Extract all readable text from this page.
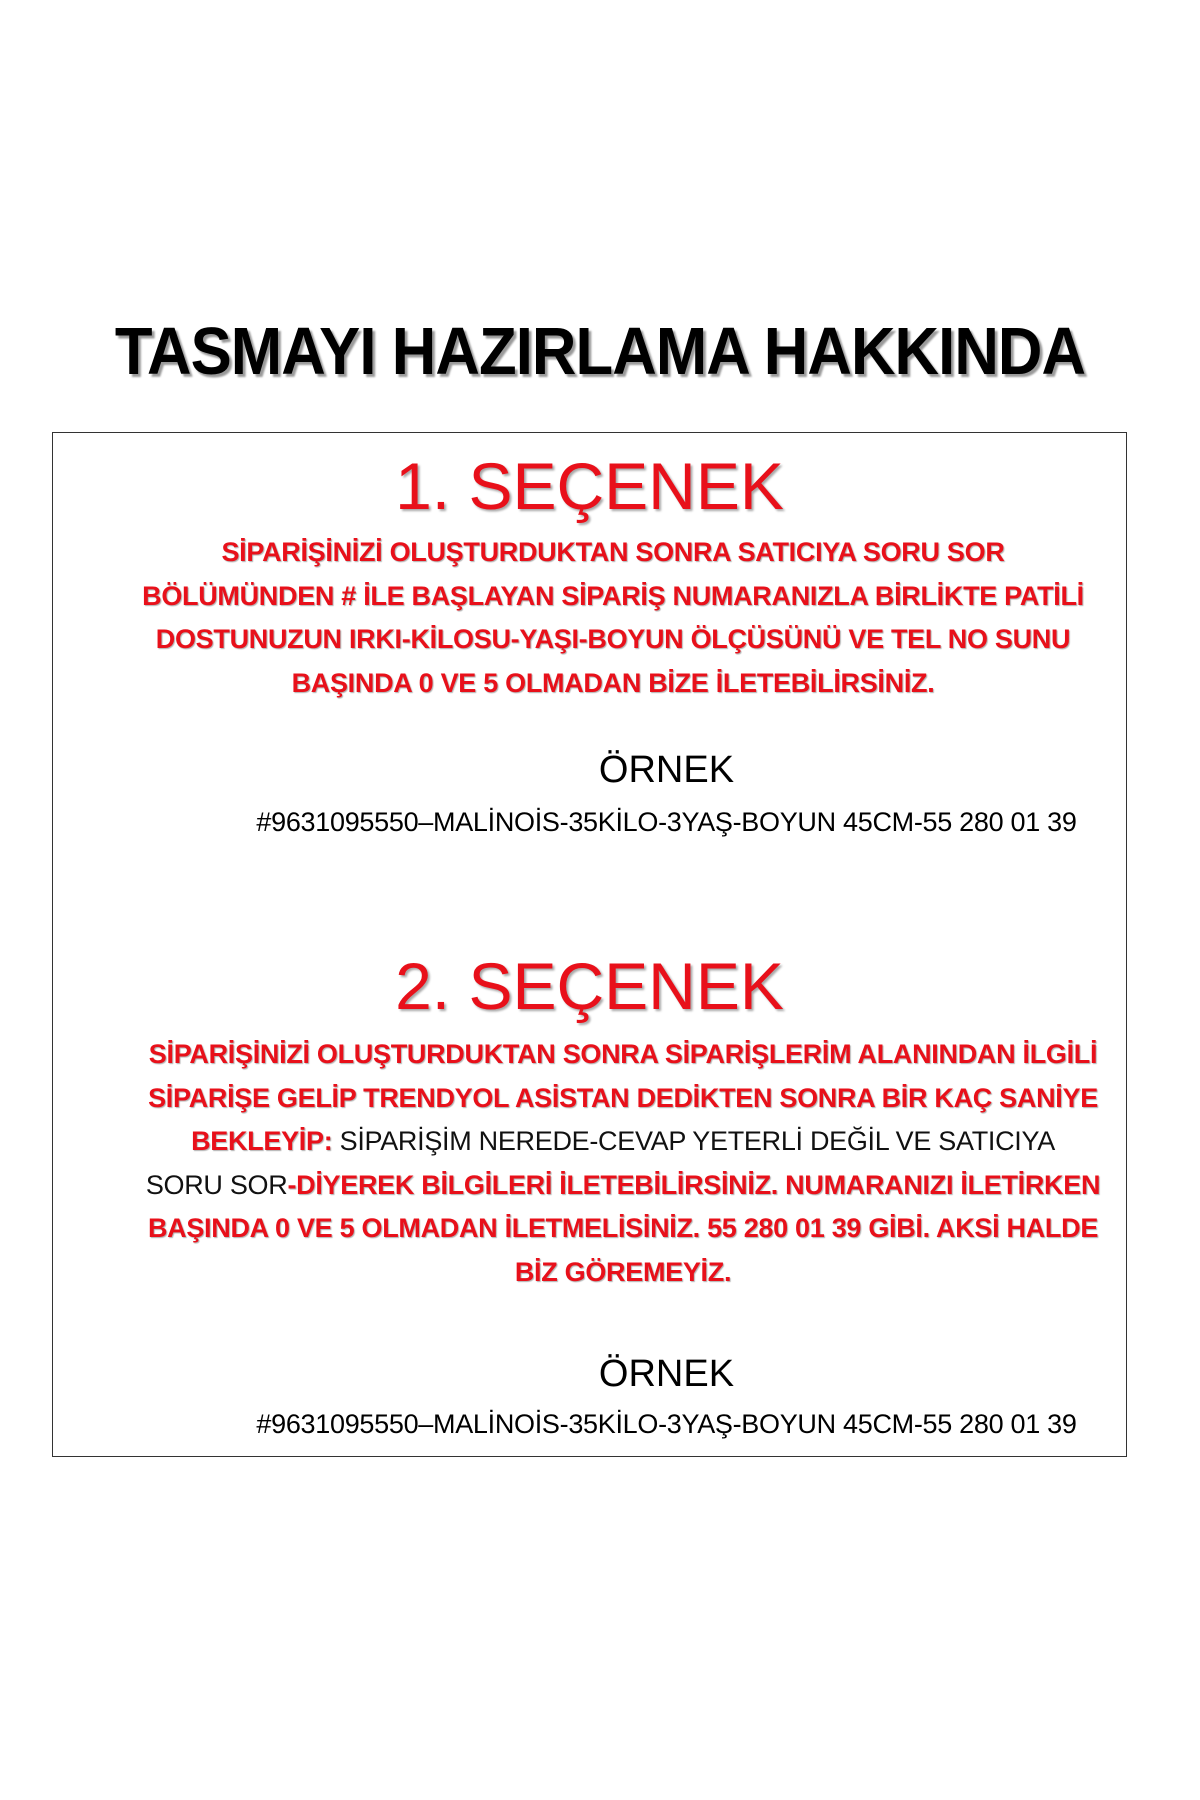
TASMAYI HAZIRLAMA HAKKINDA
1. SEÇENEK
SİPARİŞİNİZİ OLUŞTURDUKTAN SONRA SATICIYA SORU SOR
BÖLÜMÜNDEN # İLE BAŞLAYAN SİPARİŞ NUMARANIZLA BİRLİKTE PATİLİ
DOSTUNUZUN IRKI-KİLOSU-YAŞI-BOYUN ÖLÇÜSÜNÜ VE TEL NO SUNU
BAŞINDA 0 VE 5 OLMADAN BİZE İLETEBİLİRSİNİZ.
ÖRNEK
#9631095550–MALİNOİS-35KİLO-3YAŞ-BOYUN 45CM-55 280 01 39
2. SEÇENEK
SİPARİŞİNİZİ OLUŞTURDUKTAN SONRA SİPARİŞLERİM ALANINDAN İLGİLİ
SİPARİŞE GELİP TRENDYOL ASİSTAN DEDİKTEN SONRA BİR KAÇ SANİYE
BEKLEYİP: SİPARİŞİM NEREDE-CEVAP YETERLİ DEĞİL VE SATICIYA
SORU SOR-DİYEREK BİLGİLERİ İLETEBİLİRSİNİZ. NUMARANIZI İLETİRKEN
BAŞINDA 0 VE 5 OLMADAN İLETMELİSİNİZ. 55 280 01 39 GİBİ. AKSİ HALDE
BİZ GÖREMEYİZ.
ÖRNEK
#9631095550–MALİNOİS-35KİLO-3YAŞ-BOYUN 45CM-55 280 01 39
